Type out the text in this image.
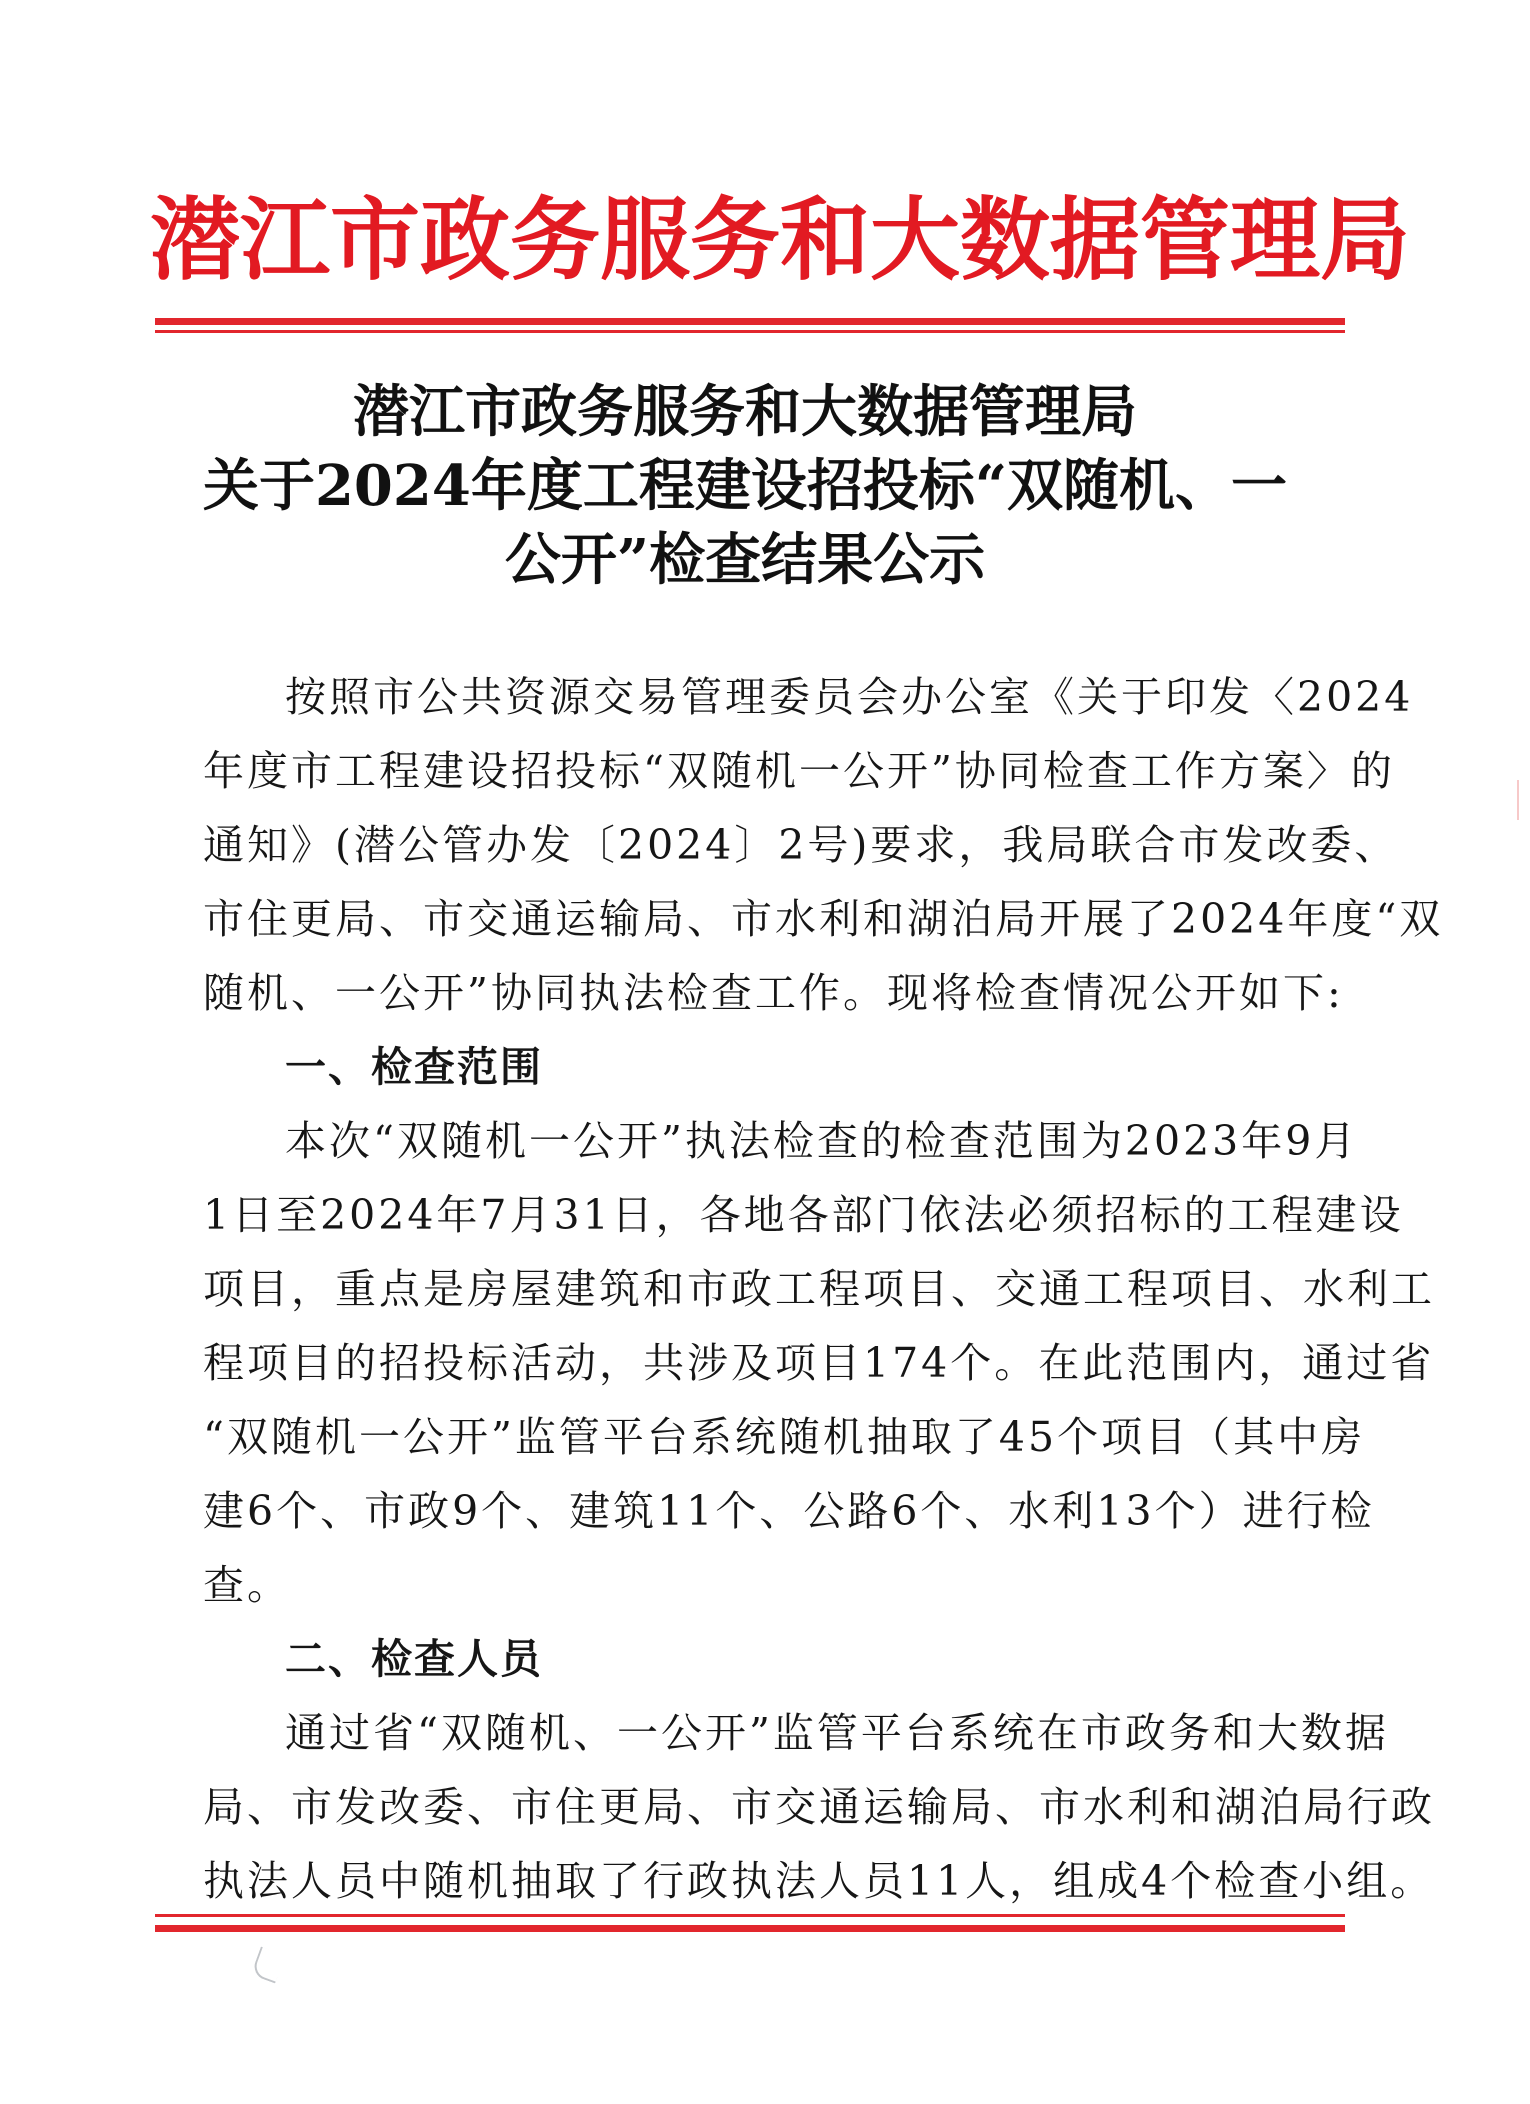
潜江市政务服务和大数据管理局
潜江市政务服务和大数据管理局
关于2024年度工程建设招投标“双随机、一
公开”检查结果公示
按照市公共资源交易管理委员会办公室《关于印发〈2024
年度市工程建设招投标“双随机一公开”协同检查工作方案〉的
通知》(潜公管办发〔2024〕2号)要求，我局联合市发改委、
市住更局、市交通运输局、市水利和湖泊局开展了2024年度“双
随机、一公开”协同执法检查工作。现将检查情况公开如下:
一、检查范围
本次“双随机一公开”执法检查的检查范围为2023年9月
1日至2024年7月31日，各地各部门依法必须招标的工程建设
项目，重点是房屋建筑和市政工程项目、交通工程项目、水利工
程项目的招投标活动，共涉及项目174个。在此范围内，通过省
“双随机一公开”监管平台系统随机抽取了45个项目（其中房
建6个、市政9个、建筑11个、公路6个、水利13个）进行检
查。
二、检查人员
通过省“双随机、一公开”监管平台系统在市政务和大数据
局、市发改委、市住更局、市交通运输局、市水利和湖泊局行政
执法人员中随机抽取了行政执法人员11人，组成4个检查小组。
